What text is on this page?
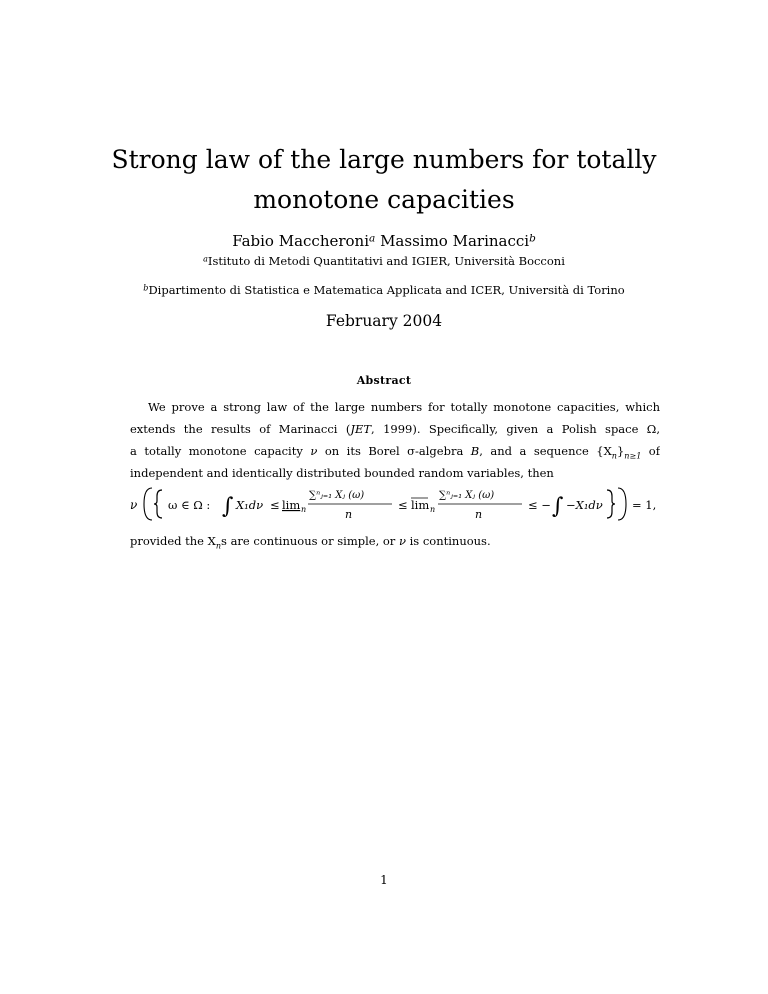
Strong law of the large numbers for totally monotone capacities
Fabio Maccheroni$^a$ Massimo Marinacci$^b$
$^a$Istituto di Metodi Quantitativi and IGIER, Università Bocconi
$^b$Dipartimento di Statistica e Matematica Applicata and ICER, Università di Torino
February 2004
Abstract
We prove a strong law of the large numbers for totally monotone capacities, which
extends the results of Marinacci (JET, 1999). Specifically, given a Polish space Ω,
a totally monotone capacity ν on its Borel σ-algebra B, and a sequence $\{X_n\}_{n\ge 1}$ of
independent and identically distributed bounded random variables, then
ν	ω ∈ Ω : ∫ X₁dν ≤ lim n
∑ⁿⱼ₌₁ Xⱼ (ω)
n
≤ lim n
∑ⁿⱼ₌₁ Xⱼ (ω)
n
≤ − ∫ −X₁dν	= 1,
provided the $X_ns$ are continuous or simple, or ν is continuous.
1
